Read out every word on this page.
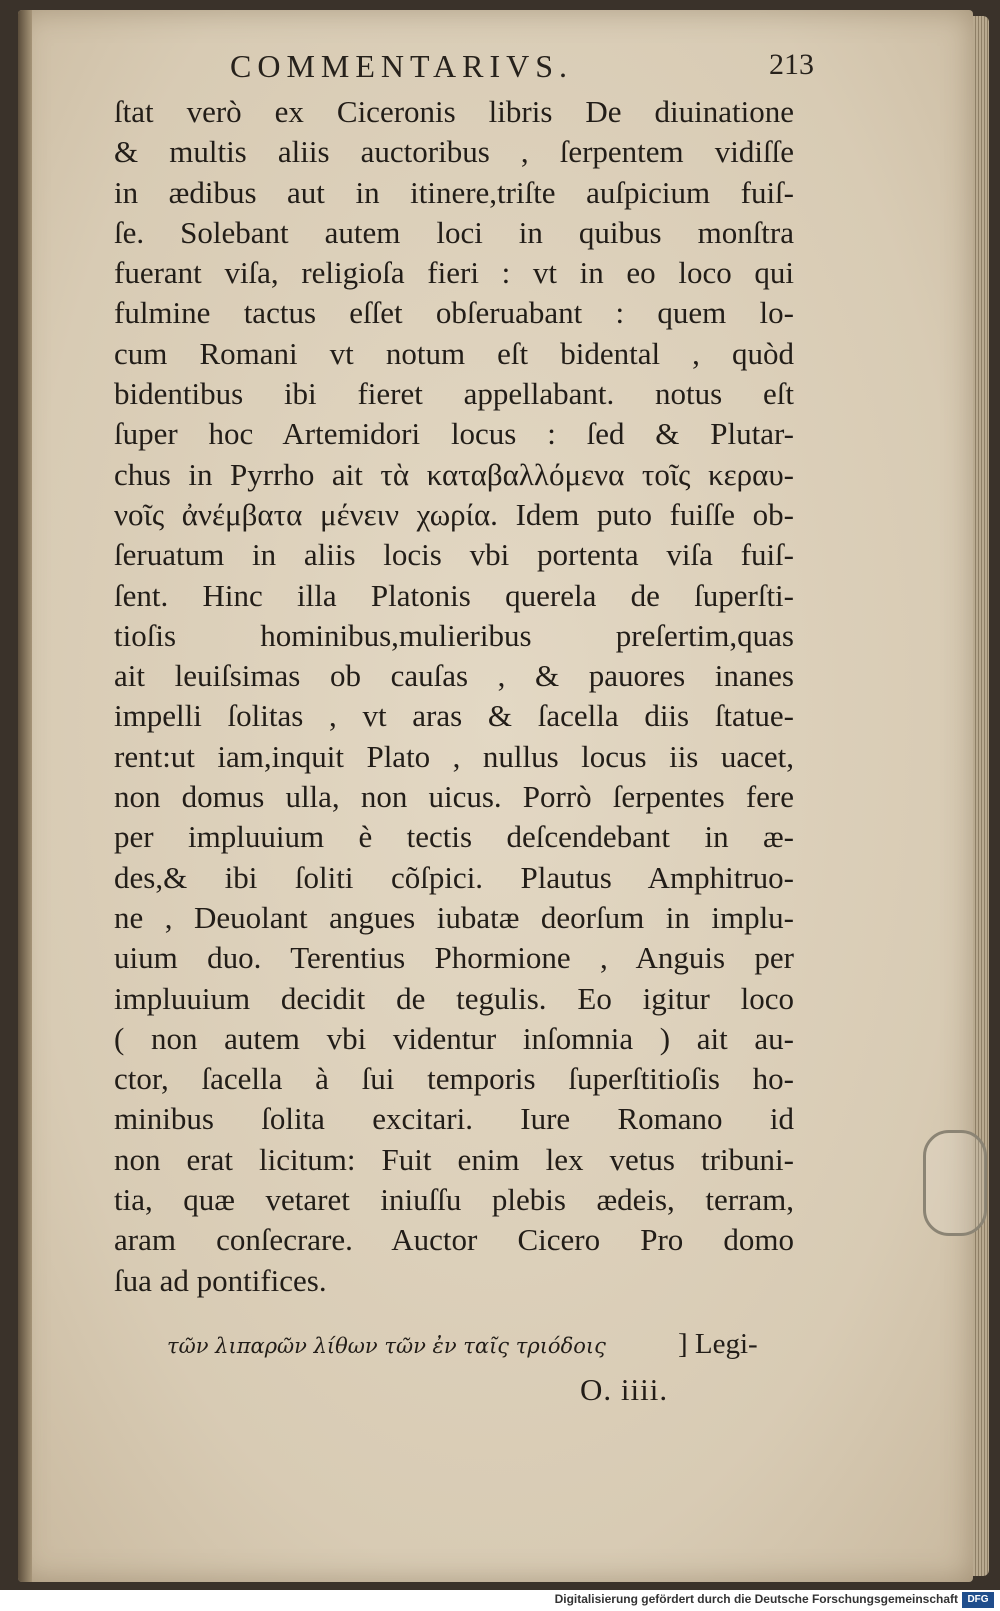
COMMENTARIVS.	213
ſtat verò ex Ciceronis libris De diuinatione
& multis aliis auctoribus , ſerpentem vidiſſe
in ædibus aut in itinere,triſte auſpicium fuiſ-
ſe. Solebant autem loci in quibus monſtra
fuerant viſa, religioſa fieri : vt in eo loco qui
fulmine tactus eſſet obſeruabant : quem lo-
cum Romani vt notum eſt bidental , quòd
bidentibus ibi fieret appellabant. notus eſt
ſuper hoc Artemidori locus : ſed & Plutar-
chus in Pyrrho ait τὰ καταβαλλόμενα τοῖς κεραυ-
νοῖς ἀνέμβατα μένειν χωρία. Idem puto fuiſſe ob-
ſeruatum in aliis locis vbi portenta viſa fuiſ-
ſent. Hinc illa Platonis querela de ſuperſti-
tioſis hominibus,mulieribus preſertim,quas
ait leuiſsimas ob cauſas , & pauores inanes
impelli ſolitas , vt aras & ſacella diis ſtatue-
rent:ut iam,inquit Plato , nullus locus iis uacet,
non domus ulla, non uicus. Porrò ſerpentes fere
per impluuium è tectis deſcendebant in æ-
des,& ibi ſoliti cõſpici. Plautus Amphitruo-
ne , Deuolant angues iubatæ deorſum in implu-
uium duo. Terentius Phormione , Anguis per
impluuium decidit de tegulis. Eo igitur loco
( non autem vbi videntur inſomnia ) ait au-
ctor, ſacella à ſui temporis ſuperſtitioſis ho-
minibus ſolita excitari. Iure Romano id
non erat licitum: Fuit enim lex vetus tribuni-
tia, quæ vetaret iniuſſu plebis ædeis, terram,
aram conſecrare. Auctor Cicero Pro domo
ſua ad pontifices.
τῶν λιπαρῶν λίθων τῶν ἐν ταῖς τριόδοις ] Legi-
O. iiii.
Digitalisierung gefördert durch die Deutsche Forschungsgemeinschaft DFG
